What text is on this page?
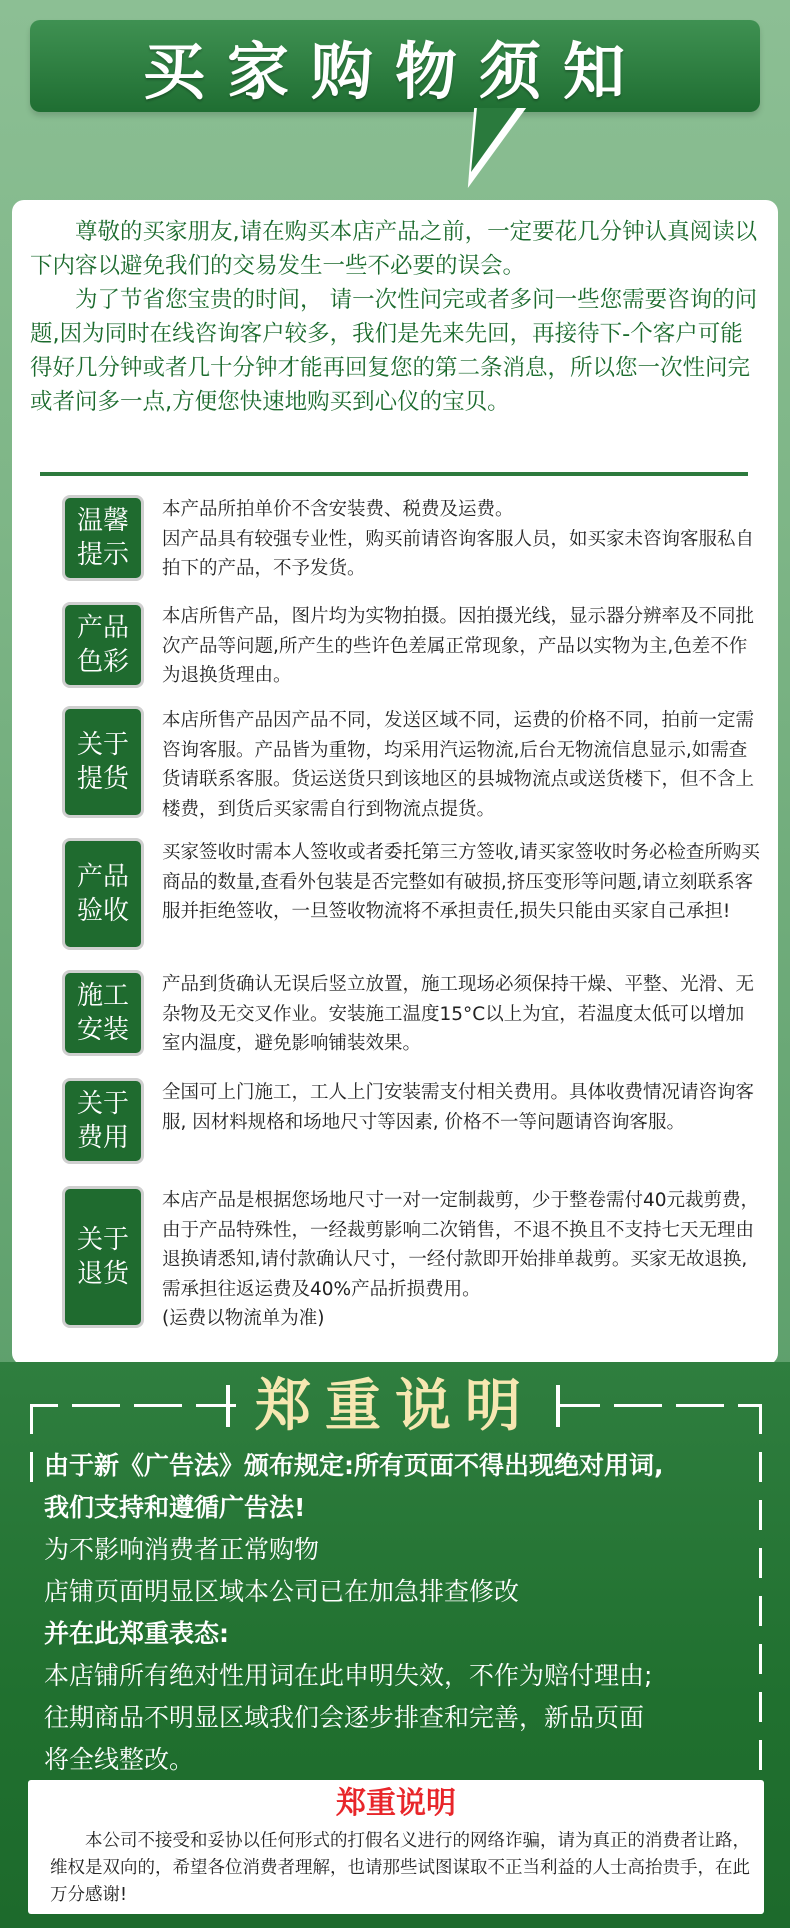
买家购物须知

尊敬的买家朋友,请在购买本店产品之前，一定要花几分钟认真阅读以下内容以避免我们的交易发生一些不必要的误会。

为了节省您宝贵的时间， 请一次性问完或者多问一些您需要咨询的问题,因为同时在线咨询客户较多，我们是先来先回，再接待下-个客户可能得好几分钟或者几十分钟才能再回复您的第二条消息，所以您一次性问完或者问多一点,方便您快速地购买到心仪的宝贝。

温馨
提示
本产品所拍单价不含安装费、税费及运费。
因产品具有较强专业性，购买前请咨询客服人员，如买家未咨询客服私自拍下的产品，不予发货。
产品
色彩
本店所售产品，图片均为实物拍摄。因拍摄光线，显示器分辨率及不同批次产品等问题,所产生的些许色差属正常现象，产品以实物为主,色差不作为退换货理由。
关于
提货
本店所售产品因产品不同，发送区域不同，运费的价格不同，拍前一定需咨询客服。产品皆为重物，均采用汽运物流,后台无物流信息显示,如需查货请联系客服。货运送货只到该地区的县城物流点或送货楼下，但不含上楼费，到货后买家需自行到物流点提货。
产品
验收
买家签收时需本人签收或者委托第三方签收,请买家签收时务必检查所购买商品的数量,查看外包装是否完整如有破损,挤压变形等问题,请立刻联系客服并拒绝签收，一旦签收物流将不承担责任,损失只能由买家自己承担!
施工
安装
产品到货确认无误后竖立放置，施工现场必须保持干燥、平整、光滑、无杂物及无交叉作业。安装施工温度15°C以上为宜，若温度太低可以增加室内温度，避免影响铺装效果。
关于
费用
全国可上门施工，工人上门安装需支付相关费用。具体收费情况请咨询客服, 因材料规格和场地尺寸等因素, 价格不一等问题请咨询客服。
关于
退货
本店产品是根据您场地尺寸一对一定制裁剪，少于整卷需付40元裁剪费，由于产品特殊性，一经裁剪影响二次销售，不退不换且不支持七天无理由退换请悉知,请付款确认尺寸，一经付款即开始排单裁剪。买家无故退换,需承担往返运费及40%产品折损费用。
(运费以物流单为准)
郑重说明
由于新《广告法》颁布规定:所有页面不得出现绝对用词,
我们支持和遵循广告法!
为不影响消费者正常购物
店铺页面明显区域本公司已在加急排查修改
并在此郑重表态:
本店铺所有绝对性用词在此申明失效，不作为赔付理由;
往期商品不明显区域我们会逐步排查和完善，新品页面
将全线整改。
郑重说明
本公司不接受和妥协以任何形式的打假名义进行的网络诈骗，请为真正的消费者让路，维权是双向的，希望各位消费者理解，也请那些试图谋取不正当利益的人士高抬贵手，在此万分感谢!
